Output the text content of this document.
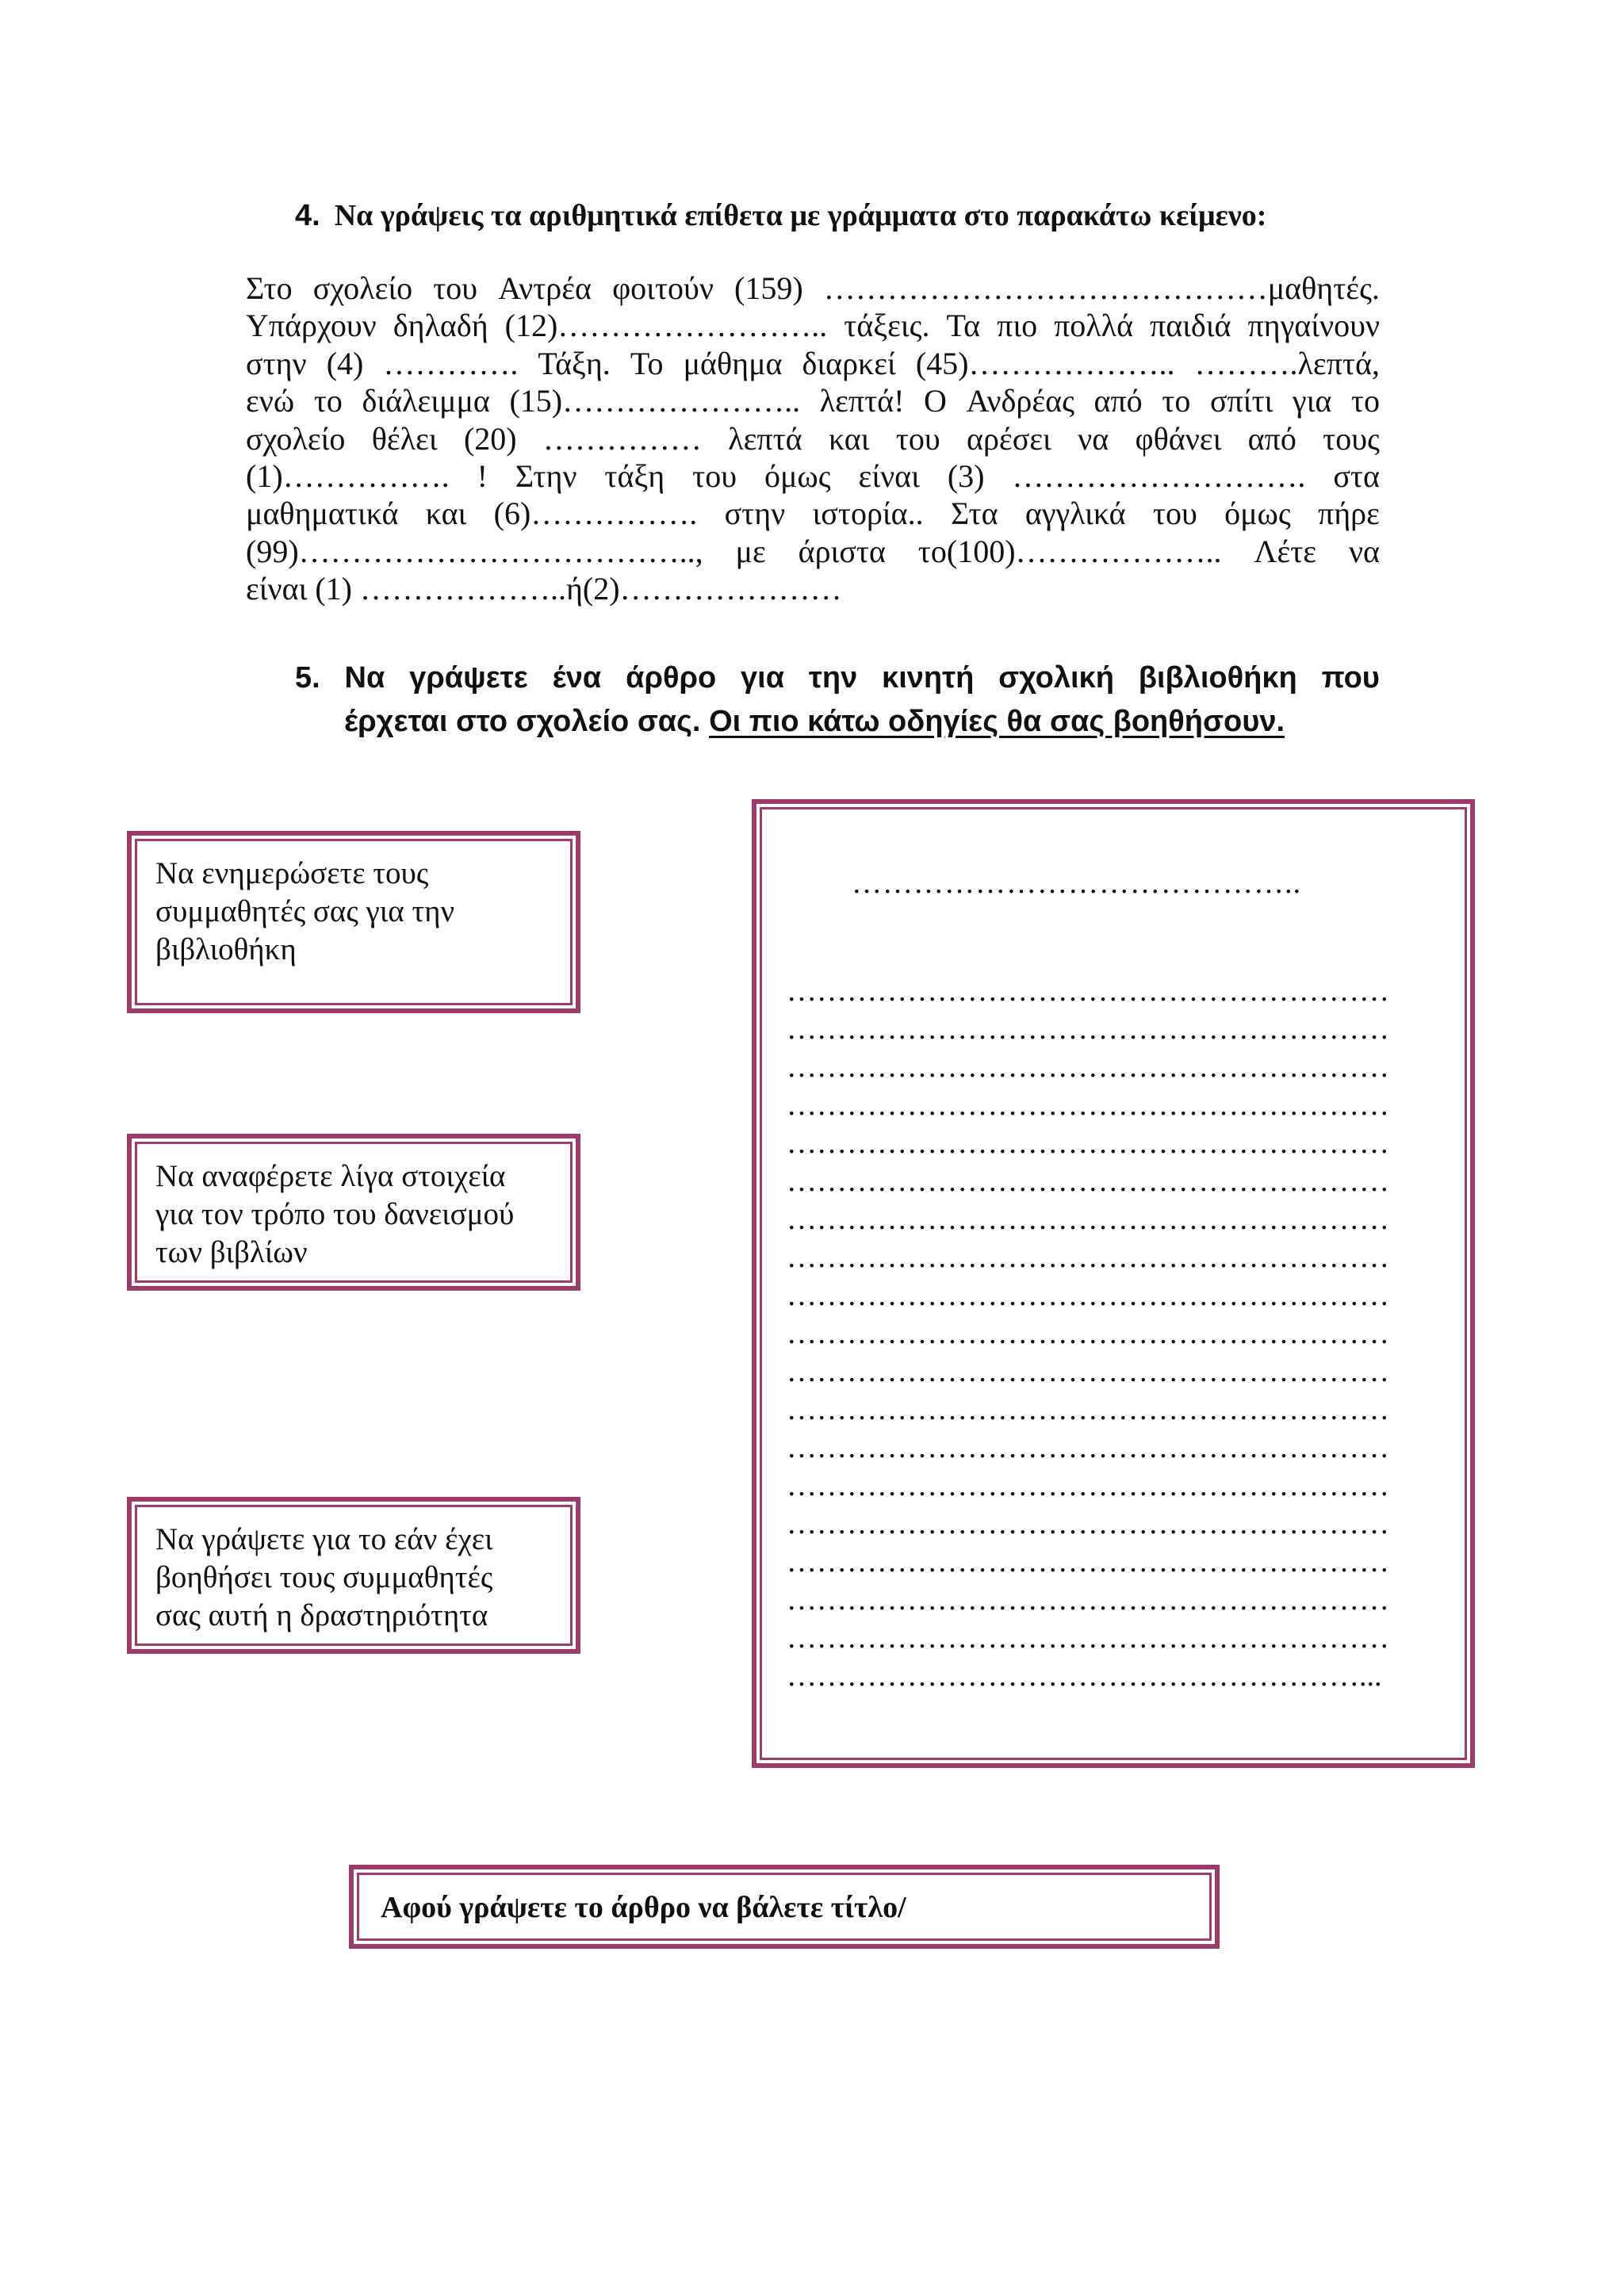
4. Να γράψεις τα αριθμητικά επίθετα με γράμματα στο παρακάτω κείμενο:
Στο σχολείο του Αντρέα φοιτούν (159) ……………………………………μαθητές.
Υπάρχουν δηλαδή (12)…………………….. τάξεις. Τα πιο πολλά παιδιά πηγαίνουν
στην (4) …………. Τάξη. Το μάθημα διαρκεί (45)……………….. ……….λεπτά,
ενώ το διάλειμμα (15)………………….. λεπτά! Ο Ανδρέας από το σπίτι για το
σχολείο θέλει (20) …………… λεπτά και του αρέσει να φθάνει από τους
(1)……………. ! Στην τάξη του όμως είναι (3) ………………………. στα
μαθηματικά και (6)……………. στην ιστορία.. Στα αγγλικά του όμως πήρε
(99)……………………………….., με άριστα το(100)……………….. Λέτε να
είναι (1) ………………..ή(2)…………………
5. Να γράψετε ένα άρθρο για την κινητή σχολική βιβλιοθήκη που
έρχεται στο σχολείο σας. Οι πιο κάτω οδηγίες θα σας βοηθήσουν.
Να ενημερώσετε τους
συμμαθητές σας για την
βιβλιοθήκη
Να αναφέρετε λίγα στοιχεία
για τον τρόπο του δανεισμού
των βιβλίων
Να γράψετε για το εάν έχει
βοηθήσει τους συμμαθητές
σας αυτή η δραστηριότητα
……………………………………..
……………………………………………………
……………………………………………………
……………………………………………………
……………………………………………………
……………………………………………………
……………………………………………………
……………………………………………………
……………………………………………………
……………………………………………………
……………………………………………………
……………………………………………………
……………………………………………………
……………………………………………………
……………………………………………………
……………………………………………………
……………………………………………………
……………………………………………………
……………………………………………………
…………………………………………………...
Αφού γράψετε το άρθρο να βάλετε τίτλο/
